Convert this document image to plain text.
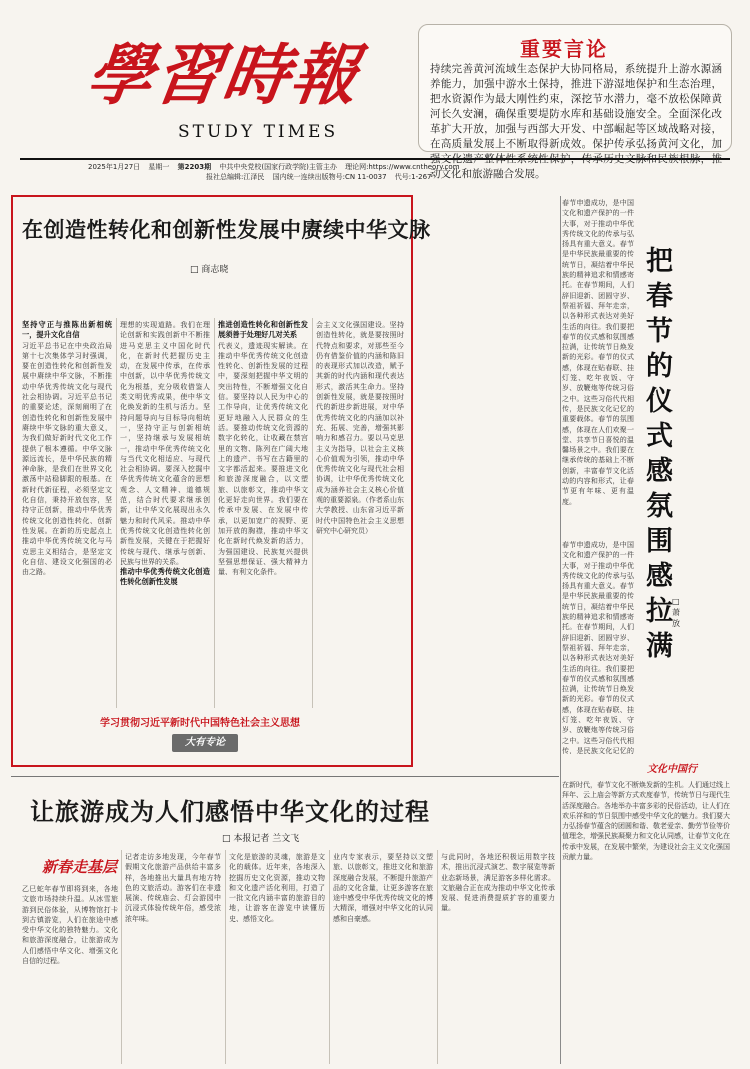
學習時報
STUDY TIMES
2025年1月27日 星期一 第2203期 中共中央党校(国家行政学院)主管主办 理论网:https://www.cntheory.com
报社总编辑:江泽民 国内统一连续出版物号:CN 11-0037 代号:1-267
重要言论
持续完善黄河流域生态保护大协同格局，系统提升上游水源涵养能力，加强中游水土保持，推进下游湿地保护和生态治理，把水资源作为最大刚性约束，深挖节水潜力，毫不放松保障黄河长久安澜，确保重要堤防水库和基础设施安全。全面深化改革扩大开放，加强与西部大开发、中部崛起等区域战略对接，在高质量发展上不断取得新成效。保护传承弘扬黄河文化，加强文化遗产整体性系统性保护，传承历史文脉和民族根脉，推动文化和旅游融合发展。
在创造性转化和创新性发展中赓续中华文脉
□ 商志晓
坚持守正与推陈出新相统一，提升文化自信
习近平总书记在中央政治局第十七次集体学习时强调，要在创造性转化和创新性发展中赓续中华文脉，不断推动中华优秀传统文化与现代社会相协调。习近平总书记的重要论述，深刻阐明了在创造性转化和创新性发展中赓续中华文脉的重大意义，为我们做好新时代文化工作提供了根本遵循。中华文脉源远流长，是中华民族的精神命脉，是我们在世界文化激荡中站稳脚跟的根基。在新时代新征程，必须坚定文化自信，秉持开放包容，坚持守正创新，推动中华优秀传统文化创造性转化、创新性发展。在新的历史起点上推动中华优秀传统文化与马克思主义相结合，是坚定文化自信、建设文化强国的必由之路。
理想的实现道路。我们在理论创新和实践创新中不断推进马克思主义中国化时代化，在新时代把握历史主动，在发展中传承，在传承中创新，以中华优秀传统文化为根基，充分吸收借鉴人类文明优秀成果，使中华文化焕发新的生机与活力。坚持问题导向与目标导向相统一，坚持守正与创新相统一，坚持继承与发展相统一，推动中华优秀传统文化与当代文化相适应、与现代社会相协调。要深入挖掘中华优秀传统文化蕴含的思想观念、人文精神、道德规范，结合时代要求继承创新，让中华文化展现出永久魅力和时代风采。推动中华优秀传统文化创造性转化创新性发展，关键在于把握好传统与现代、继承与创新、民族与世界的关系。
推动中华优秀传统文化创造性转化创新性发展
推进创造性转化和创新性发展须善于处理好几对关系
代表义，遗迹现实解读。在推动中华优秀传统文化创造性转化、创新性发展的过程中，要深刻把握中华文明的突出特性，不断增强文化自信。要坚持以人民为中心的工作导向，让优秀传统文化更好地融入人民群众的生活。要推动传统文化资源的数字化转化，让收藏在禁宫里的文物、陈列在广阔大地上的遗产、书写在古籍里的文字都活起来。要推进文化和旅游深度融合，以文塑旅、以旅彰文，推动中华文化更好走向世界。我们要在传承中发展、在发展中传承，以更加宽广的视野、更加开放的胸襟，推动中华文化在新时代焕发新的活力，为强国建设、民族复兴提供坚强思想保证、强大精神力量、有利文化条件。
会主义文化强国建设。坚持创造性转化，就是要按照时代特点和要求，对那些至今仍有借鉴价值的内涵和陈旧的表现形式加以改造，赋予其新的时代内涵和现代表达形式，激活其生命力。坚持创新性发展，就是要按照时代的新进步新进展，对中华优秀传统文化的内涵加以补充、拓展、完善，增强其影响力和感召力。要以马克思主义为指导，以社会主义核心价值观为引领，推动中华优秀传统文化与现代社会相协调，让中华优秀传统文化成为涵养社会主义核心价值观的重要源泉。（作者系山东大学教授、山东省习近平新时代中国特色社会主义思想研究中心研究员）
学习贯彻习近平新时代中国特色社会主义思想
大有专论
春节申遗成功，是中国文化和遗产保护的一件大事，对于推动中华优秀传统文化的传承与弘扬具有重大意义。春节是中华民族最重要的传统节日，凝结着中华民族的精神追求和情感寄托。在春节期间，人们辞旧迎新、团圆守岁、祭祖祈福、拜年走亲，以各种形式表达对美好生活的向往。我们要把春节的仪式感和氛围感拉满，让传统节日焕发新的光彩。春节的仪式感，体现在贴春联、挂灯笼、吃年夜饭、守岁、放鞭炮等传统习俗之中。这些习俗代代相传，是民族文化记忆的重要载体。春节的氛围感，体现在人们欢聚一堂、共享节日喜悦的温馨场景之中。我们要在继承传统的基础上不断创新，丰富春节文化活动的内容和形式，让春节更有年味、更有温度。
把春节的仪式感氛围感拉满
□ 萧放
春节申遗成功，是中国文化和遗产保护的一件大事，对于推动中华优秀传统文化的传承与弘扬具有重大意义。春节是中华民族最重要的传统节日，凝结着中华民族的精神追求和情感寄托。在春节期间，人们辞旧迎新、团圆守岁、祭祖祈福、拜年走亲，以各种形式表达对美好生活的向往。我们要把春节的仪式感和氛围感拉满，让传统节日焕发新的光彩。春节的仪式感，体现在贴春联、挂灯笼、吃年夜饭、守岁、放鞭炮等传统习俗之中。这些习俗代代相传，是民族文化记忆的
文化中国行
在新时代，春节文化不断焕发新的生机。人们通过线上拜年、云上庙会等新方式欢度春节，传统节日与现代生活深度融合。各地举办丰富多彩的民俗活动，让人们在欢乐祥和的节日氛围中感受中华文化的魅力。我们要大力弘扬春节蕴含的团圆和谐、敬老爱亲、勤劳节俭等价值理念，增强民族凝聚力和文化认同感，让春节文化在传承中发展，在发展中繁荣，为建设社会主义文化强国贡献力量。
让旅游成为人们感悟中华文化的过程
□ 本报记者 兰文飞
新春走基层
乙巳蛇年春节即将到来，各地文旅市场持续升温。从冰雪旅游到民俗体验，从博物馆打卡到古镇游览，人们在旅途中感受中华文化的独特魅力。文化和旅游深度融合，让旅游成为人们感悟中华文化、增强文化自信的过程。
记者走访多地发现，今年春节假期文化旅游产品供给丰富多样，各地推出大量具有地方特色的文旅活动。游客们在非遗展演、传统庙会、灯会游园中沉浸式体验传统年俗，感受浓浓年味。
文化是旅游的灵魂，旅游是文化的载体。近年来，各地深入挖掘历史文化资源，推动文物和文化遗产活化利用，打造了一批文化内涵丰富的旅游目的地，让游客在游览中读懂历史、感悟文化。
业内专家表示，要坚持以文塑旅、以旅彰文，推进文化和旅游深度融合发展，不断提升旅游产品的文化含量，让更多游客在旅途中感受中华优秀传统文化的博大精深，增强对中华文化的认同感和自豪感。
与此同时，各地还积极运用数字技术，推出沉浸式演艺、数字展览等新业态新场景，满足游客多样化需求。文旅融合正在成为推动中华文化传承发展、促进消费提质扩容的重要力量。
